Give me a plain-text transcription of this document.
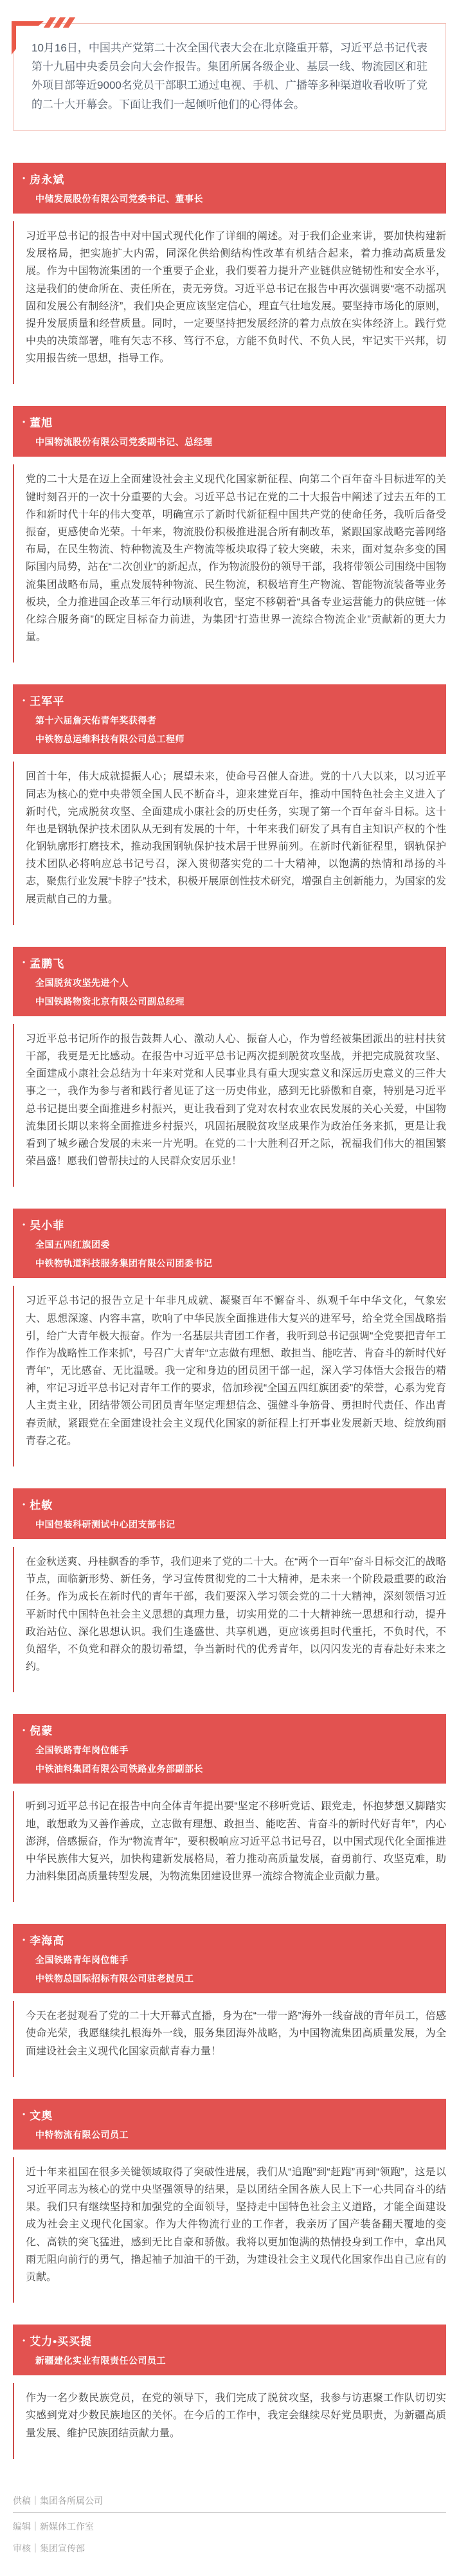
10月16日，中国共产党第二十次全国代表大会在北京隆重开幕，习近平总书记代表第十九届中央委员会向大会作报告。集团所属各级企业、基层一线、物流园区和驻外项目部等近9000名党员干部职工通过电视、手机、广播等多种渠道收看收听了党的二十大开幕会。下面让我们一起倾听他们的心得体会。

• 房永斌
中储发展股份有限公司党委书记、董事长
习近平总书记的报告中对中国式现代化作了详细的阐述。对于我们企业来讲，要加快构建新发展格局，把实施扩大内需，同深化供给侧结构性改革有机结合起来，着力推动高质量发展。作为中国物流集团的一个重要子企业，我们要着力提升产业链供应链韧性和安全水平，这是我们的使命所在、责任所在，责无旁贷。习近平总书记在报告中再次强调要“毫不动摇巩固和发展公有制经济”，我们央企更应该坚定信心，理直气壮地发展。要坚持市场化的原则，提升发展质量和经营质量。同时，一定要坚持把发展经济的着力点放在实体经济上。践行党中央的决策部署，唯有矢志不移、笃行不怠，方能不负时代、不负人民，牢记实干兴邦，切实用报告统一思想，指导工作。
• 董旭
中国物流股份有限公司党委副书记、总经理
党的二十大是在迈上全面建设社会主义现代化国家新征程、向第二个百年奋斗目标进军的关键时刻召开的一次十分重要的大会。习近平总书记在党的二十大报告中阐述了过去五年的工作和新时代十年的伟大变革，明确宣示了新时代新征程中国共产党的使命任务，我听后备受振奋，更感使命光荣。十年来，物流股份积极推进混合所有制改革，紧跟国家战略完善网络布局，在民生物流、特种物流及生产物流等板块取得了较大突破，未来，面对复杂多变的国际国内局势，站在“二次创业”的新起点，作为物流股份的领导干部，我将带领公司围绕中国物流集团战略布局，重点发展特种物流、民生物流，积极培育生产物流、智能物流装备等业务板块，全力推进国企改革三年行动顺利收官，坚定不移朝着“具备专业运营能力的供应链一体化综合服务商”的既定目标奋力前进，为集团“打造世界一流综合物流企业”贡献新的更大力量。
• 王军平
第十六届詹天佑青年奖获得者
中铁物总运维科技有限公司总工程师
回首十年，伟大成就提振人心；展望未来，使命号召催人奋进。党的十八大以来，以习近平同志为核心的党中央带领全国人民不断奋斗，迎来建党百年，推动中国特色社会主义进入了新时代，完成脱贫攻坚、全面建成小康社会的历史任务，实现了第一个百年奋斗目标。这十年也是钢轨保护技术团队从无到有发展的十年，十年来我们研发了具有自主知识产权的个性化钢轨廓形打磨技术，推动我国钢轨保护技术居于世界前列。在新时代新征程里，钢轨保护技术团队必将响应总书记号召，深入贯彻落实党的二十大精神，以饱满的热情和昂扬的斗志，聚焦行业发展“卡脖子”技术，积极开展原创性技术研究，增强自主创新能力，为国家的发展贡献自己的力量。
• 孟鹏飞
全国脱贫攻坚先进个人
中国铁路物资北京有限公司副总经理
习近平总书记所作的报告鼓舞人心、激动人心、振奋人心，作为曾经被集团派出的驻村扶贫干部，我更是无比感动。在报告中习近平总书记两次提到脱贫攻坚战，并把完成脱贫攻坚、全面建成小康社会总结为十年来对党和人民事业具有重大现实意义和深远历史意义的三件大事之一，我作为参与者和践行者见证了这一历史伟业，感到无比骄傲和自豪，特别是习近平总书记提出要全面推进乡村振兴，更让我看到了党对农村农业农民发展的关心关爱，中国物流集团长期以来将全面推进乡村振兴，巩固拓展脱贫攻坚成果作为政治任务来抓，更是让我看到了城乡融合发展的未来一片光明。在党的二十大胜利召开之际，祝福我们伟大的祖国繁荣昌盛！愿我们曾帮扶过的人民群众安居乐业！
• 吴小菲
全国五四红旗团委
中铁物轨道科技服务集团有限公司团委书记
习近平总书记的报告立足十年非凡成就、凝聚百年不懈奋斗、纵观千年中华文化，气象宏大、思想深邃、内容丰富，吹响了中华民族全面推进伟大复兴的进军号，给全党全国战略指引，给广大青年极大振奋。作为一名基层共青团工作者，我听到总书记强调“全党要把青年工作作为战略性工作来抓”，号召广大青年“立志做有理想、敢担当、能吃苦、肯奋斗的新时代好青年”，无比感奋、无比温暖。我一定和身边的团员团干部一起，深入学习体悟大会报告的精神，牢记习近平总书记对青年工作的要求，倍加珍视“全国五四红旗团委”的荣誉，心系为党育人主责主业，团结带领公司团员青年坚定理想信念、强健斗争筋骨、勇担时代责任、作出青春贡献，紧跟党在全面建设社会主义现代化国家的新征程上打开事业发展新天地、绽放绚丽青春之花。
• 杜敏
中国包装科研测试中心团支部书记
在金秋送爽、丹桂飘香的季节，我们迎来了党的二十大。在“两个一百年”奋斗目标交汇的战略节点，面临新形势、新任务，学习宣传贯彻党的二十大精神，是未来一个阶段最重要的政治任务。作为成长在新时代的青年干部，我们要深入学习领会党的二十大精神，深刻领悟习近平新时代中国特色社会主义思想的真理力量，切实用党的二十大精神统一思想和行动，提升政治站位、深化思想认识。我们生逢盛世、共享机遇，更应该勇担时代重托，不负时代，不负韶华，不负党和群众的殷切希望，争当新时代的优秀青年，以闪闪发光的青春赴好未来之约。
• 倪蒙
全国铁路青年岗位能手
中铁油料集团有限公司铁路业务部副部长
听到习近平总书记在报告中向全体青年提出要“坚定不移听党话、跟党走，怀抱梦想又脚踏实地，敢想敢为又善作善成，立志做有理想、敢担当、能吃苦、肯奋斗的新时代好青年”，内心澎湃，倍感振奋，作为“物流青年”，要积极响应习近平总书记号召，以中国式现代化全面推进中华民族伟大复兴，加快构建新发展格局，着力推动高质量发展，奋勇前行、攻坚克难，助力油料集团高质量转型发展，为物流集团建设世界一流综合物流企业贡献力量。
• 李海高
全国铁路青年岗位能手
中铁物总国际招标有限公司驻老挝员工
今天在老挝观看了党的二十大开幕式直播，身为在“一带一路”海外一线奋战的青年员工，倍感使命光荣，我愿继续扎根海外一线，服务集团海外战略，为中国物流集团高质量发展，为全面建设社会主义现代化国家贡献青春力量！
• 文奥
中特物流有限公司员工
近十年来祖国在很多关键领域取得了突破性进展，我们从“追跑”到“赶跑”再到“领跑”，这是以习近平同志为核心的党中央坚强领导的结果，是以团结全国各族人民上下一心共同奋斗的结果。我们只有继续坚持和加强党的全面领导，坚持走中国特色社会主义道路，才能全面建设成为社会主义现代化国家。作为大件物流行业的工作者，我亲历了国产装备翻天覆地的变化、高铁的突飞猛进，感到无比自豪和骄傲。我将以更加饱满的热情投身到工作中，拿出风雨无阻向前行的勇气，撸起袖子加油干的干劲，为建设社会主义现代化国家作出自己应有的贡献。
• 艾力•买买提
新疆建化实业有限责任公司员工
作为一名少数民族党员，在党的领导下，我们完成了脱贫攻坚，我参与访惠聚工作队切切实实感到党对少数民族地区的关怀。在今后的工作中，我定会继续尽好党员职责，为新疆高质量发展、维护民族团结贡献力量。
供稿｜集团各所属公司
编辑｜新媒体工作室
审核｜集团宣传部
